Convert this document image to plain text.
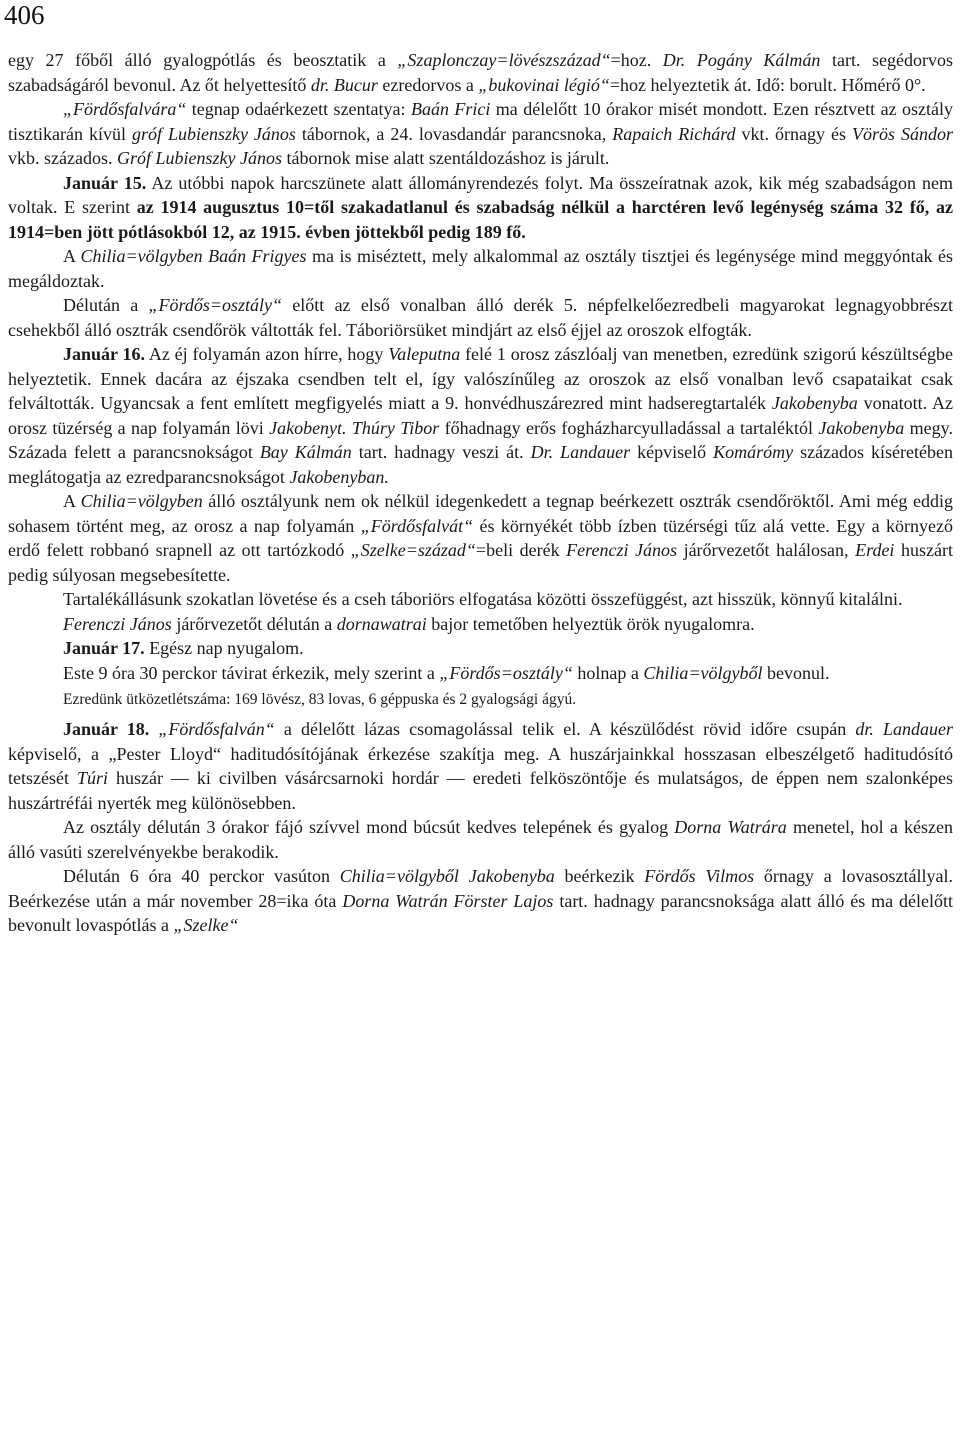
406

egy 27 főből álló gyalogpótlás és beosztatik a „Szaplonczay=lövészszázad“=hoz. Dr. Pogány Kálmán tart. segédorvos szabadságáról bevonul. Az őt helyettesítő dr. Bucur ezredorvos a „bukovinai légió“=hoz helyeztetik át. Idő: borult. Hőmérő 0°.

„Fördősfalvára“ tegnap odaérkezett szentatya: Baán Frici ma délelőtt 10 órakor misét mondott. Ezen résztvett az osztály tisztikarán kívül gróf Lubienszky János tábornok, a 24. lovasdandár parancsnoka, Rapaich Richárd vkt. őrnagy és Vörös Sándor vkb. százados. Gróf Lubienszky János tábornok mise alatt szentáldozáshoz is járult.

Január 15. Az utóbbi napok harcszünete alatt állományrendezés folyt. Ma összeíratnak azok, kik még szabadságon nem voltak. E szerint az 1914 augusztus 10=től szakadatlanul és szabadság nélkül a harctéren levő legénység száma 32 fő, az 1914=ben jött pótlásokból 12, az 1915. évben jöttekből pedig 189 fő.

A Chilia=völgyben Baán Frigyes ma is miséztett, mely alkalommal az osztály tisztjei és legénysége mind meggyóntak és megáldoztak.

Délután a „Fördős=osztály“ előtt az első vonalban álló derék 5. népfelkelőezredbeli magyarokat legnagyobbrészt csehekből álló osztrák csendőrök váltották fel. Táboriörsüket mindjárt az első éjjel az oroszok elfogták.

Január 16. Az éj folyamán azon hírre, hogy Valeputna felé 1 orosz zászlóalj van menetben, ezredünk szigorú készültségbe helyeztetik. Ennek dacára az éjszaka csendben telt el, így valószínűleg az oroszok az első vonalban levő csapataikat csak felváltották. Ugyancsak a fent említett megfigyelés miatt a 9. honvédhuszárezred mint hadseregtartalék Jakobenyba vonatott. Az orosz tüzérség a nap folyamán lövi Jakobenyt. Thúry Tibor főhadnagy erős fogházharcyulladással a tartaléktól Jakobenyba megy. Százada felett a parancsnokságot Bay Kálmán tart. hadnagy veszi át. Dr. Landauer képviselő Komárómy százados kíséretében meglátogatja az ezredparancsnokságot Jakobenyban.

A Chilia=völgyben álló osztályunk nem ok nélkül idegenkedett a tegnap beérkezett osztrák csendőröktől. Ami még eddig sohasem történt meg, az orosz a nap folyamán „Fördősfalvát“ és környékét több ízben tüzérségi tűz alá vette. Egy a környező erdő felett robbanó srapnell az ott tartózkodó „Szelke=század“=beli derék Ferenczi János járőrvezetőt halálosan, Erdei huszárt pedig súlyosan megsebesítette.

Tartalékállásunk szokatlan lövetése és a cseh táboriörs elfogatása közötti összefüggést, azt hisszük, könnyű kitalálni.

Ferenczi János járőrvezetőt délután a dornawatrai bajor temetőben helyeztük örök nyugalomra.

Január 17. Egész nap nyugalom.

Este 9 óra 30 perckor távirat érkezik, mely szerint a „Fördős=osztály“ holnap a Chilia=völgyből bevonul.

Ezredünk ütközetlétszáma: 169 lövész, 83 lovas, 6 géppuska és 2 gyalogsági ágyú.

Január 18. „Fördősfalván“ a délelőtt lázas csomagolással telik el. A készülődést rövid időre csupán dr. Landauer képviselő, a „Pester Lloyd“ haditudósítójának érkezése szakítja meg. A huszárjainkkal hosszasan elbeszélgető haditudósító tetszését Túri huszár — ki civilben vásárcsarnoki hordár — eredeti felköszöntője és mulatságos, de éppen nem szalonképes huszártréfái nyerték meg különösebben.

Az osztály délután 3 órakor fájó szívvel mond búcsút kedves telepének és gyalog Dorna Watrára menetel, hol a készen álló vasúti szerelvényekbe berakodik.

Délután 6 óra 40 perckor vasúton Chilia=völgyből Jakobenyba beérkezik Fördős Vilmos őrnagy a lovasosztállyal. Beérkezése után a már november 28=ika óta Dorna Watrán Förster Lajos tart. hadnagy parancsnoksága alatt álló és ma délelőtt bevonult lovaspótlás a „Szelke“
